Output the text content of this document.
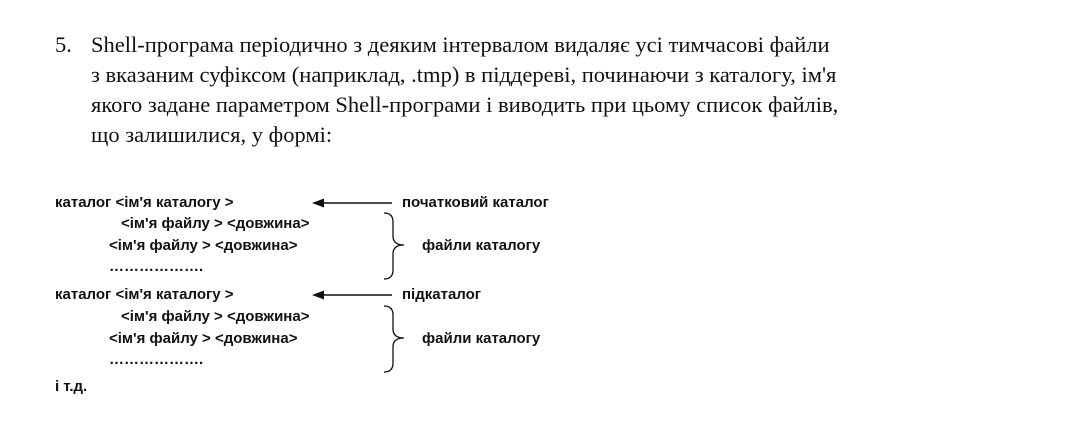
5. Shell-програма періодично з деяким інтервалом видаляє усі тимчасові файли
з вказаним суфіксом (наприклад, .tmp) в піддереві, починаючи з каталогу, ім'я
якого задане параметром Shell-програми і виводить при цьому список файлів,
що залишилися, у формі:
каталог <ім'я каталогу >	початковий каталог
<ім'я файлу > <довжина>
<ім'я файлу > <довжина>
……………….
файли каталогу
каталог <ім'я каталогу >	підкаталог
<ім'я файлу > <довжина>
<ім'я файлу > <довжина>
……………….
файли каталогу
і т.д.
